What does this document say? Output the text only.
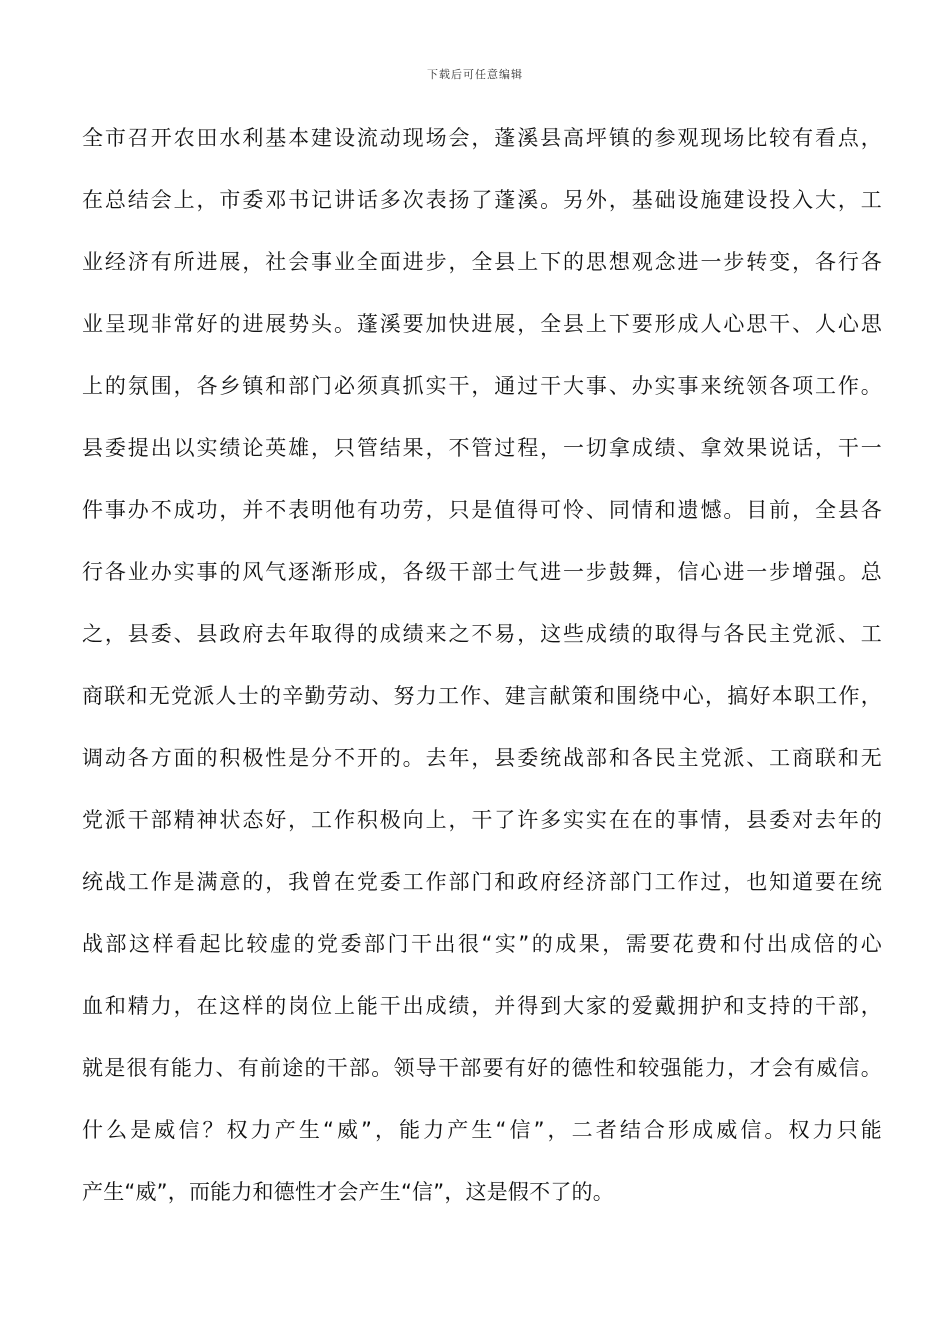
下载后可任意编辑
全市召开农田水利基本建设流动现场会，蓬溪县高坪镇的参观现场比较有看点，
在总结会上，市委邓书记讲话多次表扬了蓬溪。另外，基础设施建设投入大，工
业经济有所进展，社会事业全面进步，全县上下的思想观念进一步转变，各行各
业呈现非常好的进展势头。蓬溪要加快进展，全县上下要形成人心思干、人心思
上的氛围，各乡镇和部门必须真抓实干，通过干大事、办实事来统领各项工作。
县委提出以实绩论英雄，只管结果，不管过程，一切拿成绩、拿效果说话，干一
件事办不成功，并不表明他有功劳，只是值得可怜、同情和遗憾。目前，全县各
行各业办实事的风气逐渐形成，各级干部士气进一步鼓舞，信心进一步增强。总
之，县委、县政府去年取得的成绩来之不易，这些成绩的取得与各民主党派、工
商联和无党派人士的辛勤劳动、努力工作、建言献策和围绕中心，搞好本职工作，
调动各方面的积极性是分不开的。去年，县委统战部和各民主党派、工商联和无
党派干部精神状态好，工作积极向上，干了许多实实在在的事情，县委对去年的
统战工作是满意的，我曾在党委工作部门和政府经济部门工作过，也知道要在统
战部这样看起比较虚的党委部门干出很“实”的成果，需要花费和付出成倍的心
血和精力，在这样的岗位上能干出成绩，并得到大家的爱戴拥护和支持的干部，
就是很有能力、有前途的干部。领导干部要有好的德性和较强能力，才会有威信。
什么是威信？权力产生“威”，能力产生“信”，二者结合形成威信。权力只能
产生“威”，而能力和德性才会产生“信”，这是假不了的。
